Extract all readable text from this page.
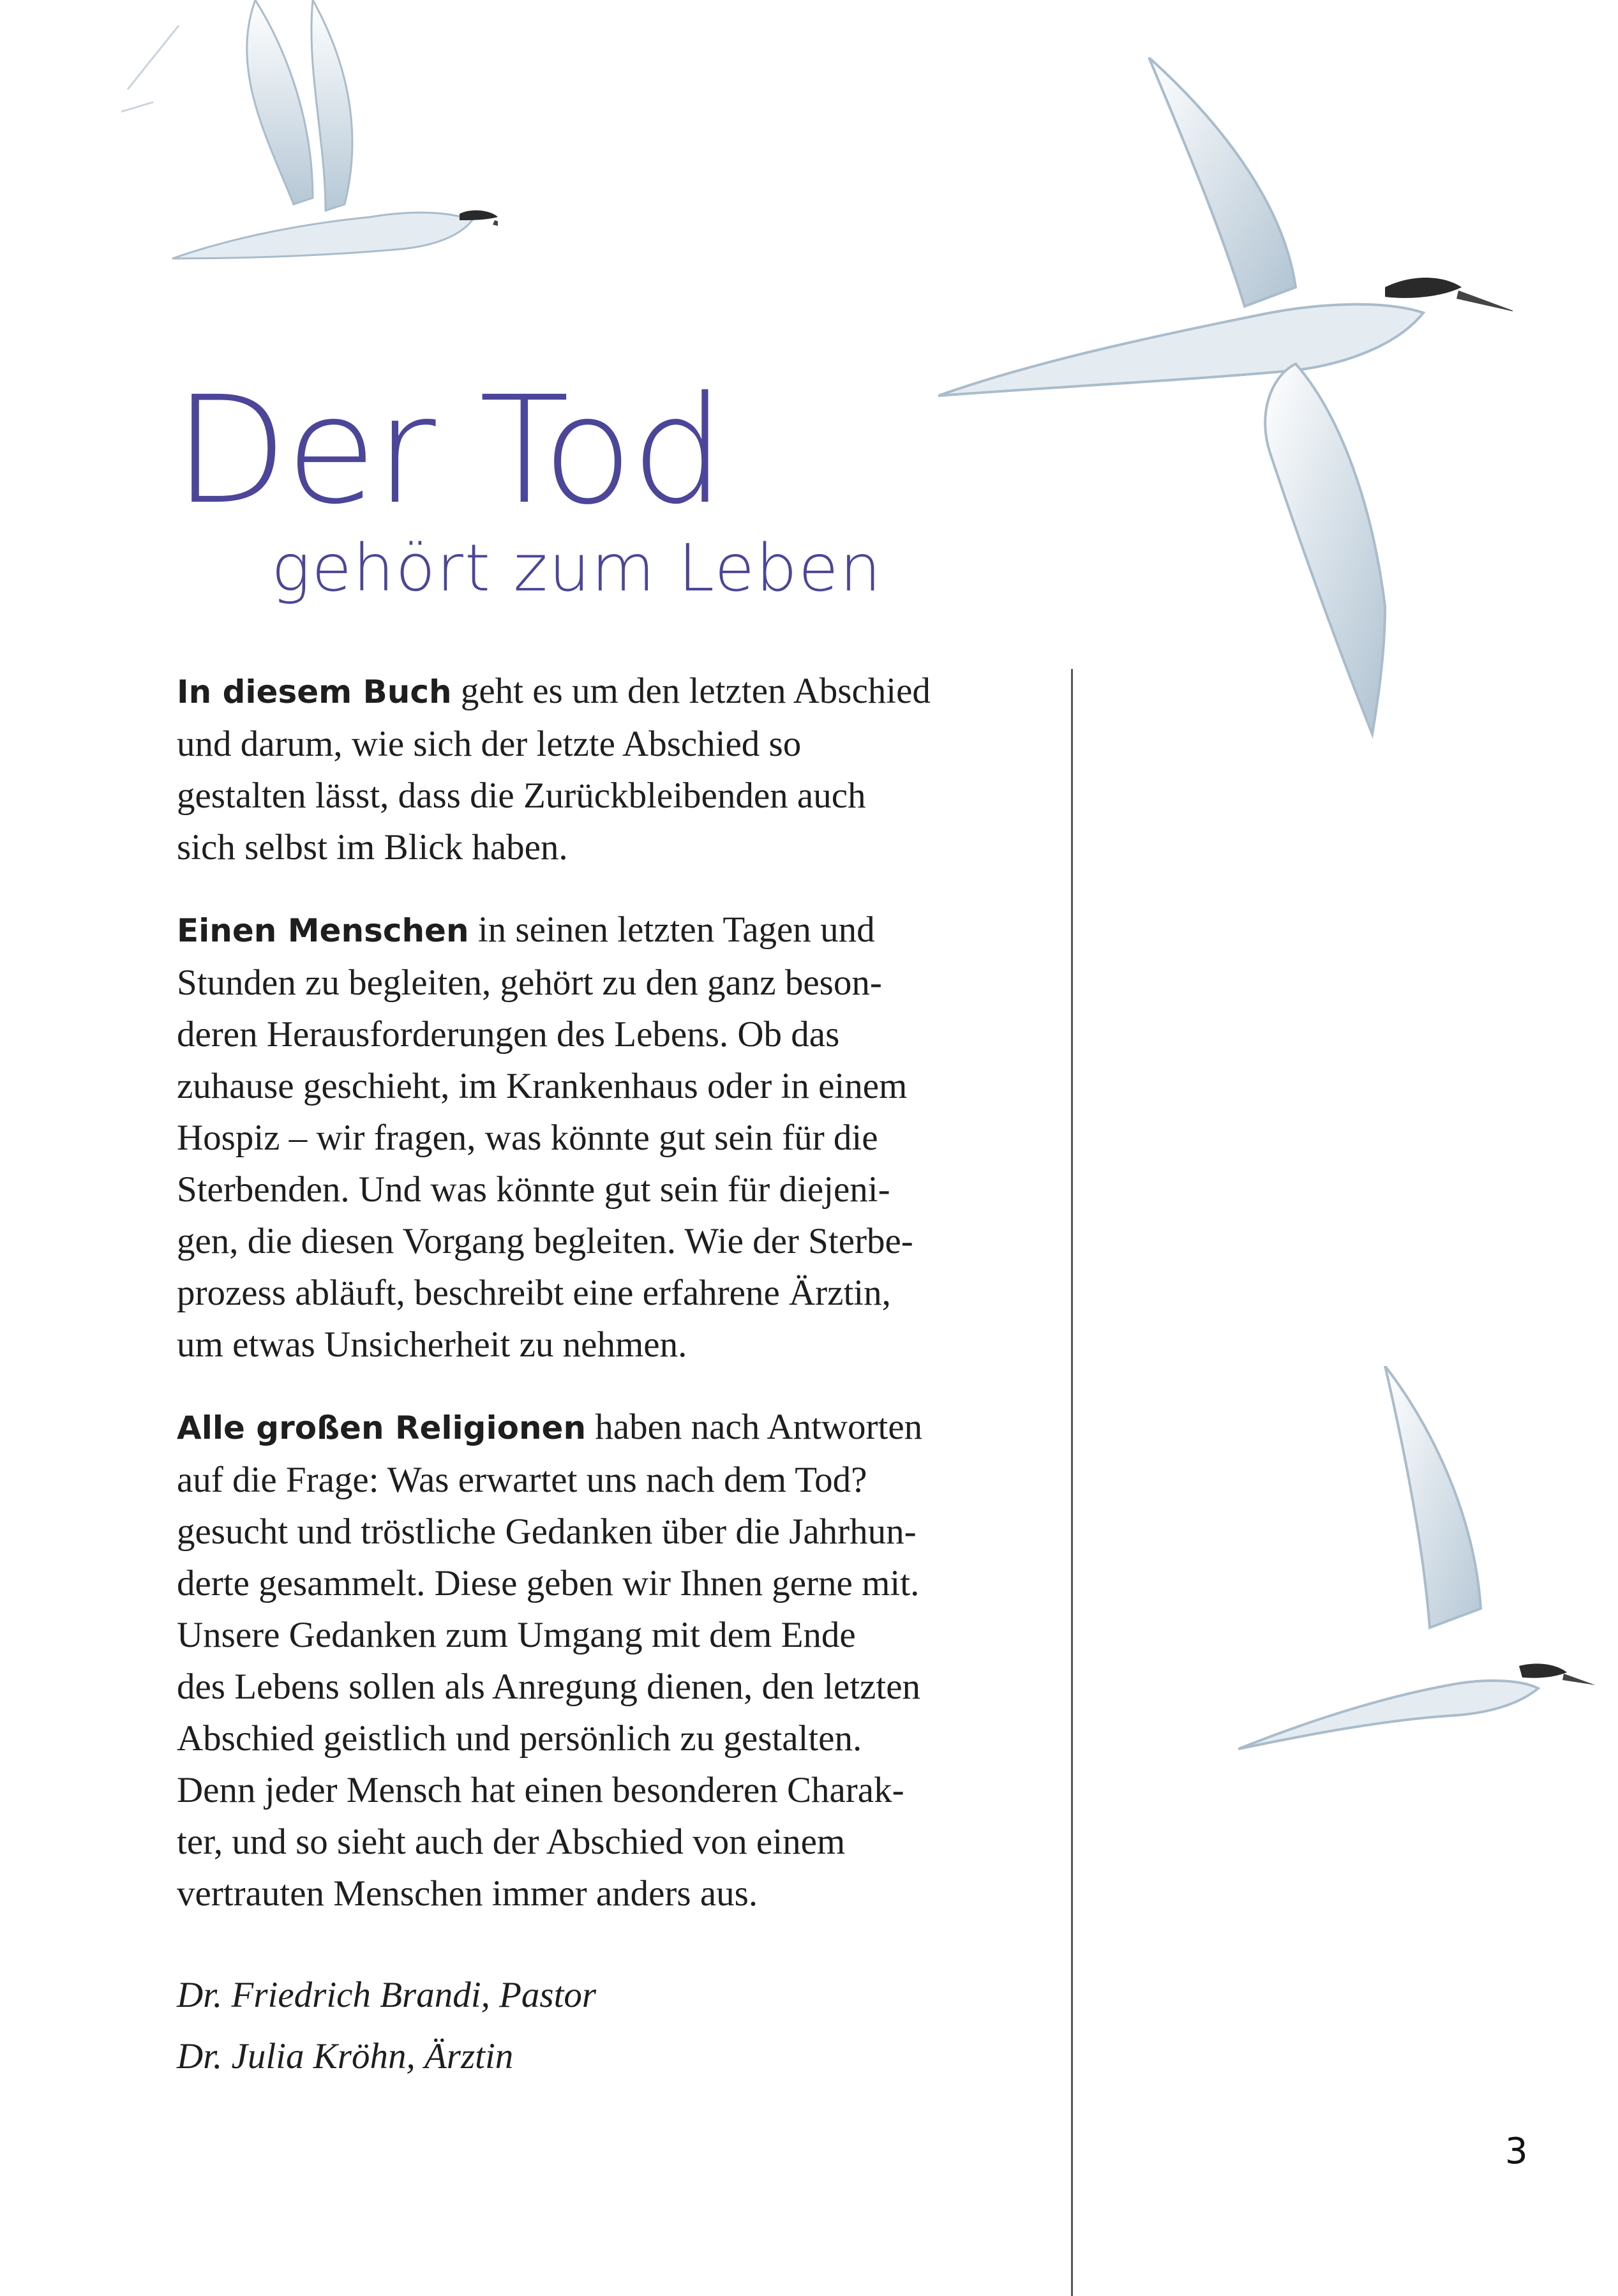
Der Tod
gehört zum Leben

In diesem Buch geht es um den letzten Abschied
und darum, wie sich der letzte Abschied so
gestalten lässt, dass die Zurückbleibenden auch
sich selbst im Blick haben.

Einen Menschen in seinen letzten Tagen und
Stunden zu begleiten, gehört zu den ganz beson-
deren Herausforderungen des Lebens. Ob das
zuhause geschieht, im Krankenhaus oder in einem
Hospiz – wir fragen, was könnte gut sein für die
Sterbenden. Und was könnte gut sein für diejeni-
gen, die diesen Vorgang begleiten. Wie der Sterbe-
prozess abläuft, beschreibt eine erfahrene Ärztin,
um etwas Unsicherheit zu nehmen.

Alle großen Religionen haben nach Antworten
auf die Frage: Was erwartet uns nach dem Tod?
gesucht und tröstliche Gedanken über die Jahrhun-
derte gesammelt. Diese geben wir Ihnen gerne mit.
Unsere Gedanken zum Umgang mit dem Ende
des Lebens sollen als Anregung dienen, den letzten
Abschied geistlich und persönlich zu gestalten.
Denn jeder Mensch hat einen besonderen Charak-
ter, und so sieht auch der Abschied von einem
vertrauten Menschen immer anders aus.

Dr. Friedrich Brandi, Pastor
Dr. Julia Kröhn, Ärztin
3
